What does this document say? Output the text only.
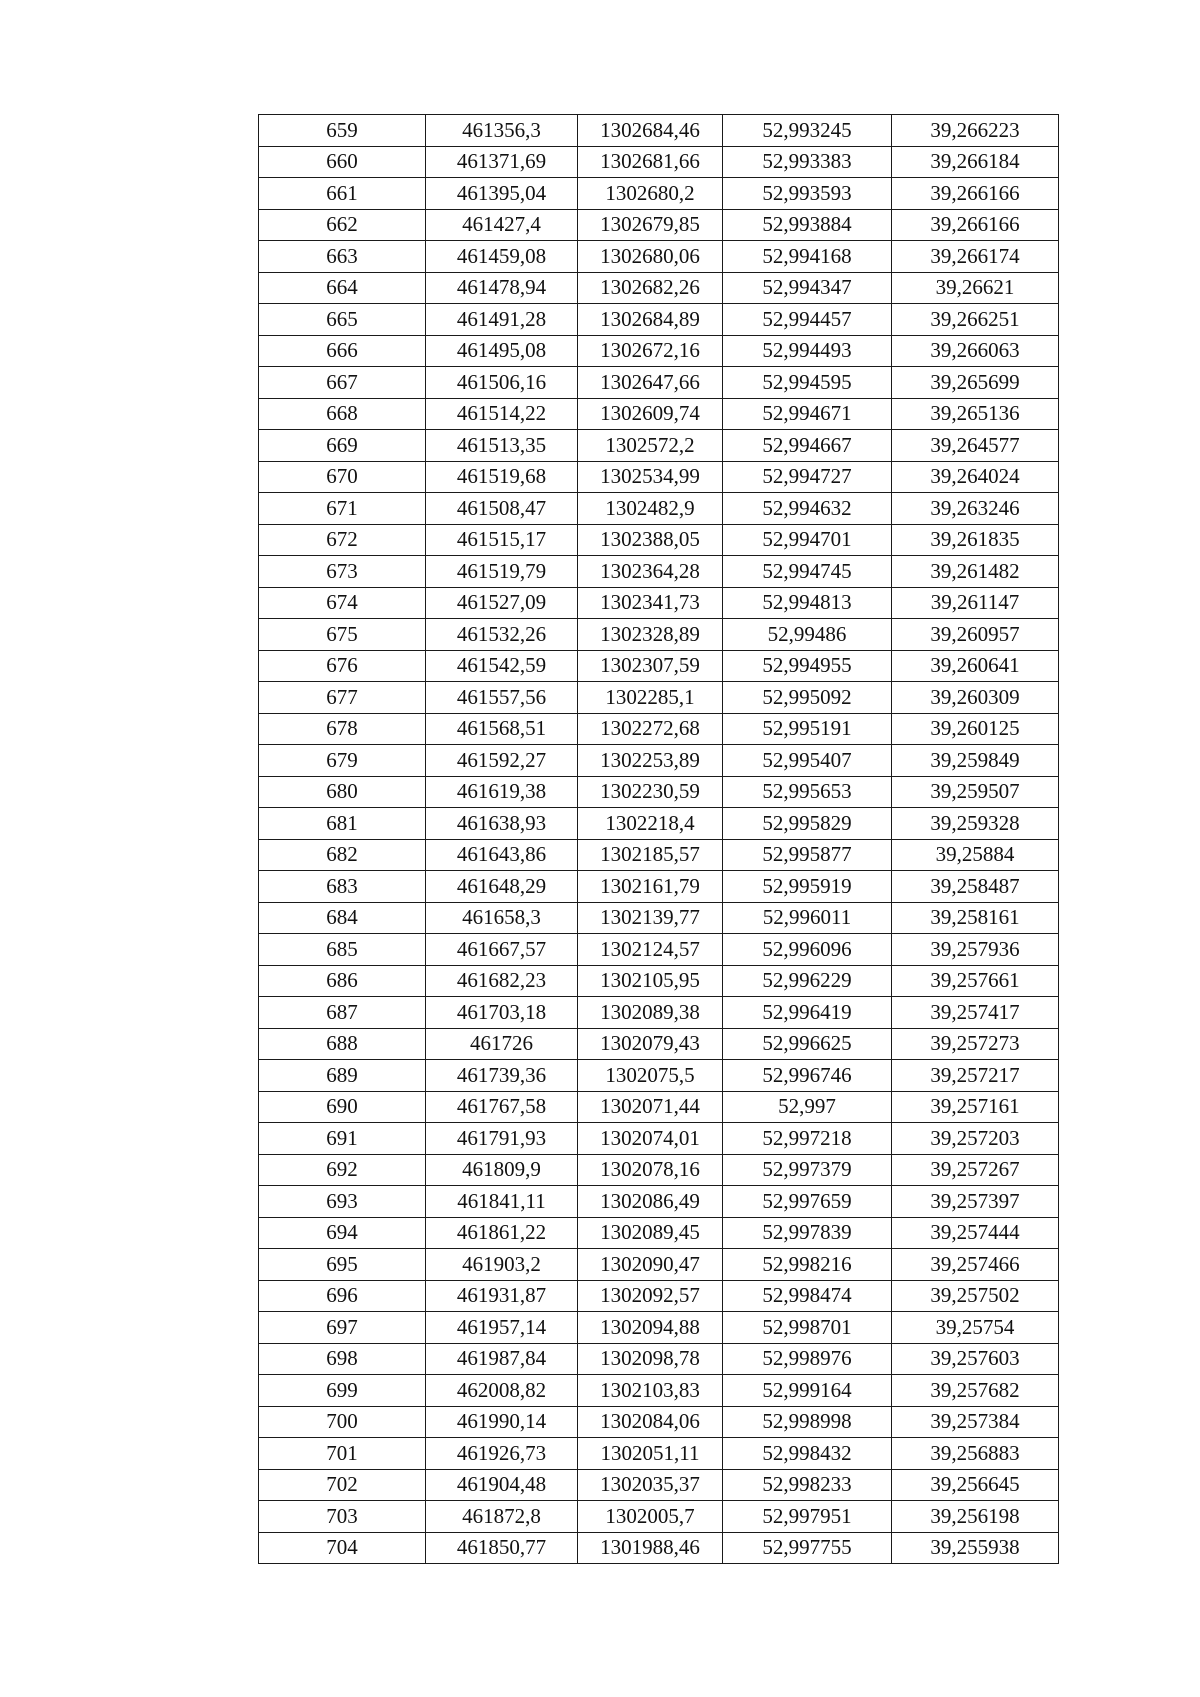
659	461356,3	1302684,46	52,993245	39,266223
660	461371,69	1302681,66	52,993383	39,266184
661	461395,04	1302680,2	52,993593	39,266166
662	461427,4	1302679,85	52,993884	39,266166
663	461459,08	1302680,06	52,994168	39,266174
664	461478,94	1302682,26	52,994347	39,26621
665	461491,28	1302684,89	52,994457	39,266251
666	461495,08	1302672,16	52,994493	39,266063
667	461506,16	1302647,66	52,994595	39,265699
668	461514,22	1302609,74	52,994671	39,265136
669	461513,35	1302572,2	52,994667	39,264577
670	461519,68	1302534,99	52,994727	39,264024
671	461508,47	1302482,9	52,994632	39,263246
672	461515,17	1302388,05	52,994701	39,261835
673	461519,79	1302364,28	52,994745	39,261482
674	461527,09	1302341,73	52,994813	39,261147
675	461532,26	1302328,89	52,99486	39,260957
676	461542,59	1302307,59	52,994955	39,260641
677	461557,56	1302285,1	52,995092	39,260309
678	461568,51	1302272,68	52,995191	39,260125
679	461592,27	1302253,89	52,995407	39,259849
680	461619,38	1302230,59	52,995653	39,259507
681	461638,93	1302218,4	52,995829	39,259328
682	461643,86	1302185,57	52,995877	39,25884
683	461648,29	1302161,79	52,995919	39,258487
684	461658,3	1302139,77	52,996011	39,258161
685	461667,57	1302124,57	52,996096	39,257936
686	461682,23	1302105,95	52,996229	39,257661
687	461703,18	1302089,38	52,996419	39,257417
688	461726	1302079,43	52,996625	39,257273
689	461739,36	1302075,5	52,996746	39,257217
690	461767,58	1302071,44	52,997	39,257161
691	461791,93	1302074,01	52,997218	39,257203
692	461809,9	1302078,16	52,997379	39,257267
693	461841,11	1302086,49	52,997659	39,257397
694	461861,22	1302089,45	52,997839	39,257444
695	461903,2	1302090,47	52,998216	39,257466
696	461931,87	1302092,57	52,998474	39,257502
697	461957,14	1302094,88	52,998701	39,25754
698	461987,84	1302098,78	52,998976	39,257603
699	462008,82	1302103,83	52,999164	39,257682
700	461990,14	1302084,06	52,998998	39,257384
701	461926,73	1302051,11	52,998432	39,256883
702	461904,48	1302035,37	52,998233	39,256645
703	461872,8	1302005,7	52,997951	39,256198
704	461850,77	1301988,46	52,997755	39,255938
